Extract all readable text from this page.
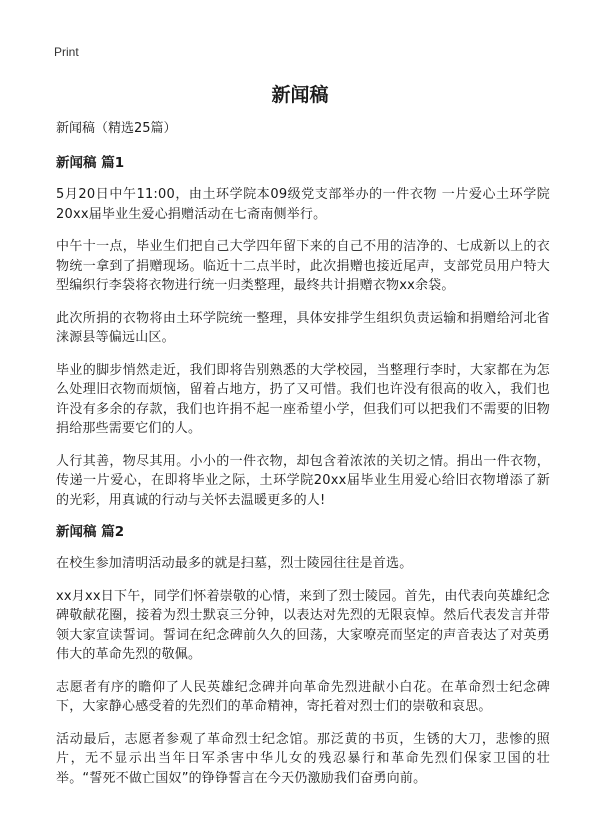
Print
新闻稿

新闻稿（精选25篇）

新闻稿 篇1

5月20日中午11:00，由土环学院本09级党支部举办的一件衣物 一片爱心土环学院20xx届毕业生爱心捐赠活动在七斋南侧举行。

中午十一点，毕业生们把自己大学四年留下来的自己不用的洁净的、七成新以上的衣物统一拿到了捐赠现场。临近十二点半时，此次捐赠也接近尾声，支部党员用户特大型编织行李袋将衣物进行统一归类整理，最终共计捐赠衣物xx余袋。

此次所捐的衣物将由土环学院统一整理，具体安排学生组织负责运输和捐赠给河北省涞源县等偏远山区。

毕业的脚步悄然走近，我们即将告别熟悉的大学校园，当整理行李时，大家都在为怎么处理旧衣物而烦恼，留着占地方，扔了又可惜。我们也许没有很高的收入，我们也许没有多余的存款，我们也许捐不起一座希望小学，但我们可以把我们不需要的旧物捐给那些需要它们的人。

人行其善，物尽其用。小小的一件衣物，却包含着浓浓的关切之情。捐出一件衣物，传递一片爱心，在即将毕业之际，土环学院20xx届毕业生用爱心给旧衣物增添了新的光彩，用真诚的行动与关怀去温暖更多的人!

新闻稿 篇2

在校生参加清明活动最多的就是扫墓，烈士陵园往往是首选。

xx月xx日下午，同学们怀着崇敬的心情，来到了烈士陵园。首先，由代表向英雄纪念碑敬献花圈，接着为烈士默哀三分钟，以表达对先烈的无限哀悼。然后代表发言并带领大家宣读誓词。誓词在纪念碑前久久的回荡，大家嘹亮而坚定的声音表达了对英勇伟大的革命先烈的敬佩。

志愿者有序的瞻仰了人民英雄纪念碑并向革命先烈进献小白花。在革命烈士纪念碑下，大家静心感受着的先烈们的革命精神，寄托着对烈士们的崇敬和哀思。

活动最后，志愿者参观了革命烈士纪念馆。那泛黄的书页，生锈的大刀，悲惨的照片，无不显示出当年日军杀害中华儿女的残忍暴行和革命先烈们保家卫国的壮举。“誓死不做亡国奴”的铮铮誓言在今天仍激励我们奋勇向前。
